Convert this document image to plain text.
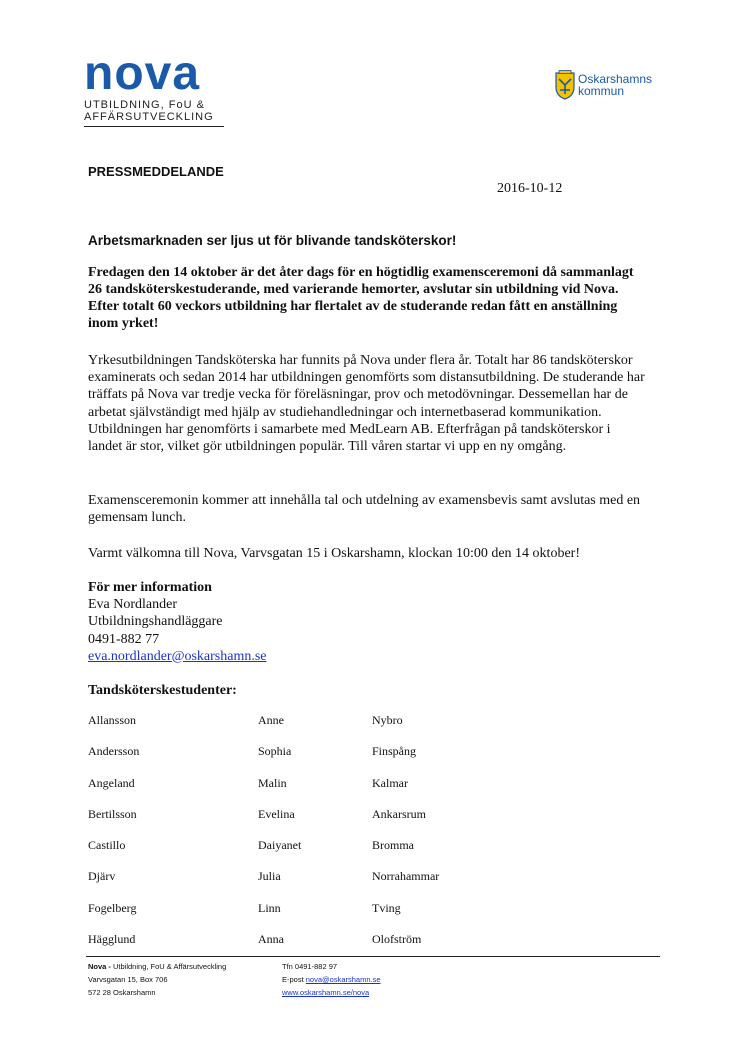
nova
UTBILDNING, FoU &
AFFÄRSUTVECKLING
Oskarshamns
kommun
PRESSMEDDELANDE
2016-10-12
Arbetsmarknaden ser ljus ut för blivande tandsköterskor!
Fredagen den 14 oktober är det åter dags för en högtidlig examensceremoni då sammanlagt 26 tandsköterskestuderande, med varierande hemorter, avslutar sin utbildning vid Nova. Efter totalt 60 veckors utbildning har flertalet av de studerande redan fått en anställning inom yrket!
Yrkesutbildningen Tandsköterska har funnits på Nova under flera år. Totalt har 86 tandsköterskor examinerats och sedan 2014 har utbildningen genomförts som distansutbildning. De studerande har träffats på Nova var tredje vecka för föreläsningar, prov och metodövningar. Dessemellan har de arbetat självständigt med hjälp av studiehandledningar och internetbaserad kommunikation. Utbildningen har genomförts i samarbete med MedLearn AB. Efterfrågan på tandsköterskor i landet är stor, vilket gör utbildningen populär. Till våren startar vi upp en ny omgång.
Examensceremonin kommer att innehålla tal och utdelning av examensbevis samt avslutas med en gemensam lunch.
Varmt välkomna till Nova, Varvsgatan 15 i Oskarshamn, klockan 10:00 den 14 oktober!
För mer information
Eva Nordlander
Utbildningshandläggare
0491-882 77
eva.nordlander@oskarshamn.se
Tandsköterskestudenter:
Allansson	Anne	Nybro
Andersson	Sophia	Finspång
Angeland	Malin	Kalmar
Bertilsson	Evelina	Ankarsrum
Castillo	Daiyanet	Bromma
Djärv	Julia	Norrahammar
Fogelberg	Linn	Tving
Hägglund	Anna	Olofström
Nova - Utbildning, FoU & Affärsutveckling
Varvsgatan 15, Box 706
572 28 Oskarshamn
Tfn 0491-882 97
E-post nova@oskarshamn.se
www.oskarshamn.se/nova
